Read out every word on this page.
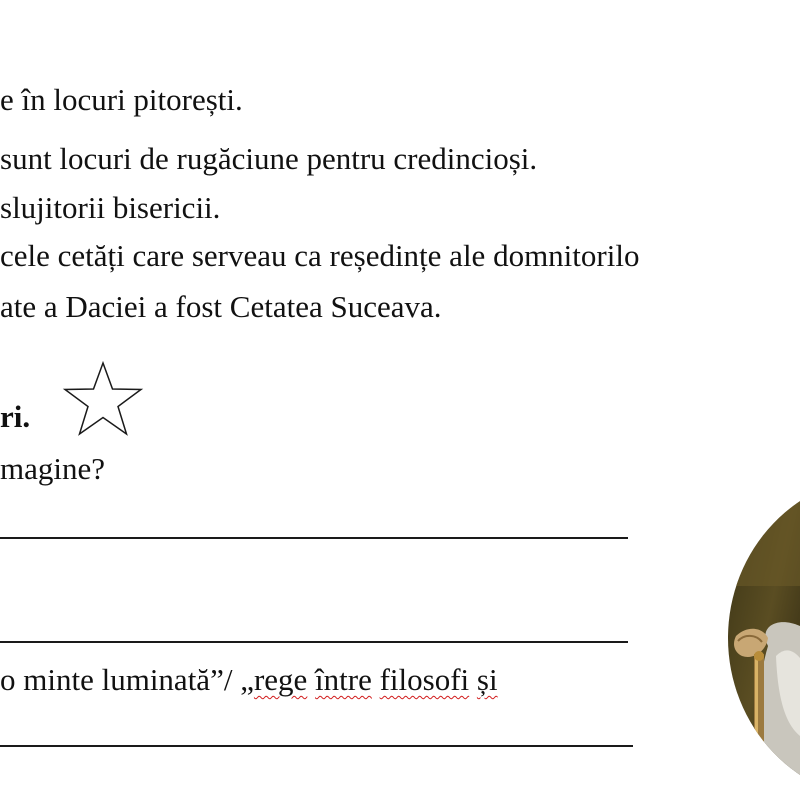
e în locuri pitorești.
sunt locuri de rugăciune pentru credincioși.
slujitorii bisericii.
cele cetăți care serveau ca reședințe ale domnitorilo
ate a Daciei a fost Cetatea Suceava.
ri.
magine?
o minte luminată”/ „rege între filosofi și
